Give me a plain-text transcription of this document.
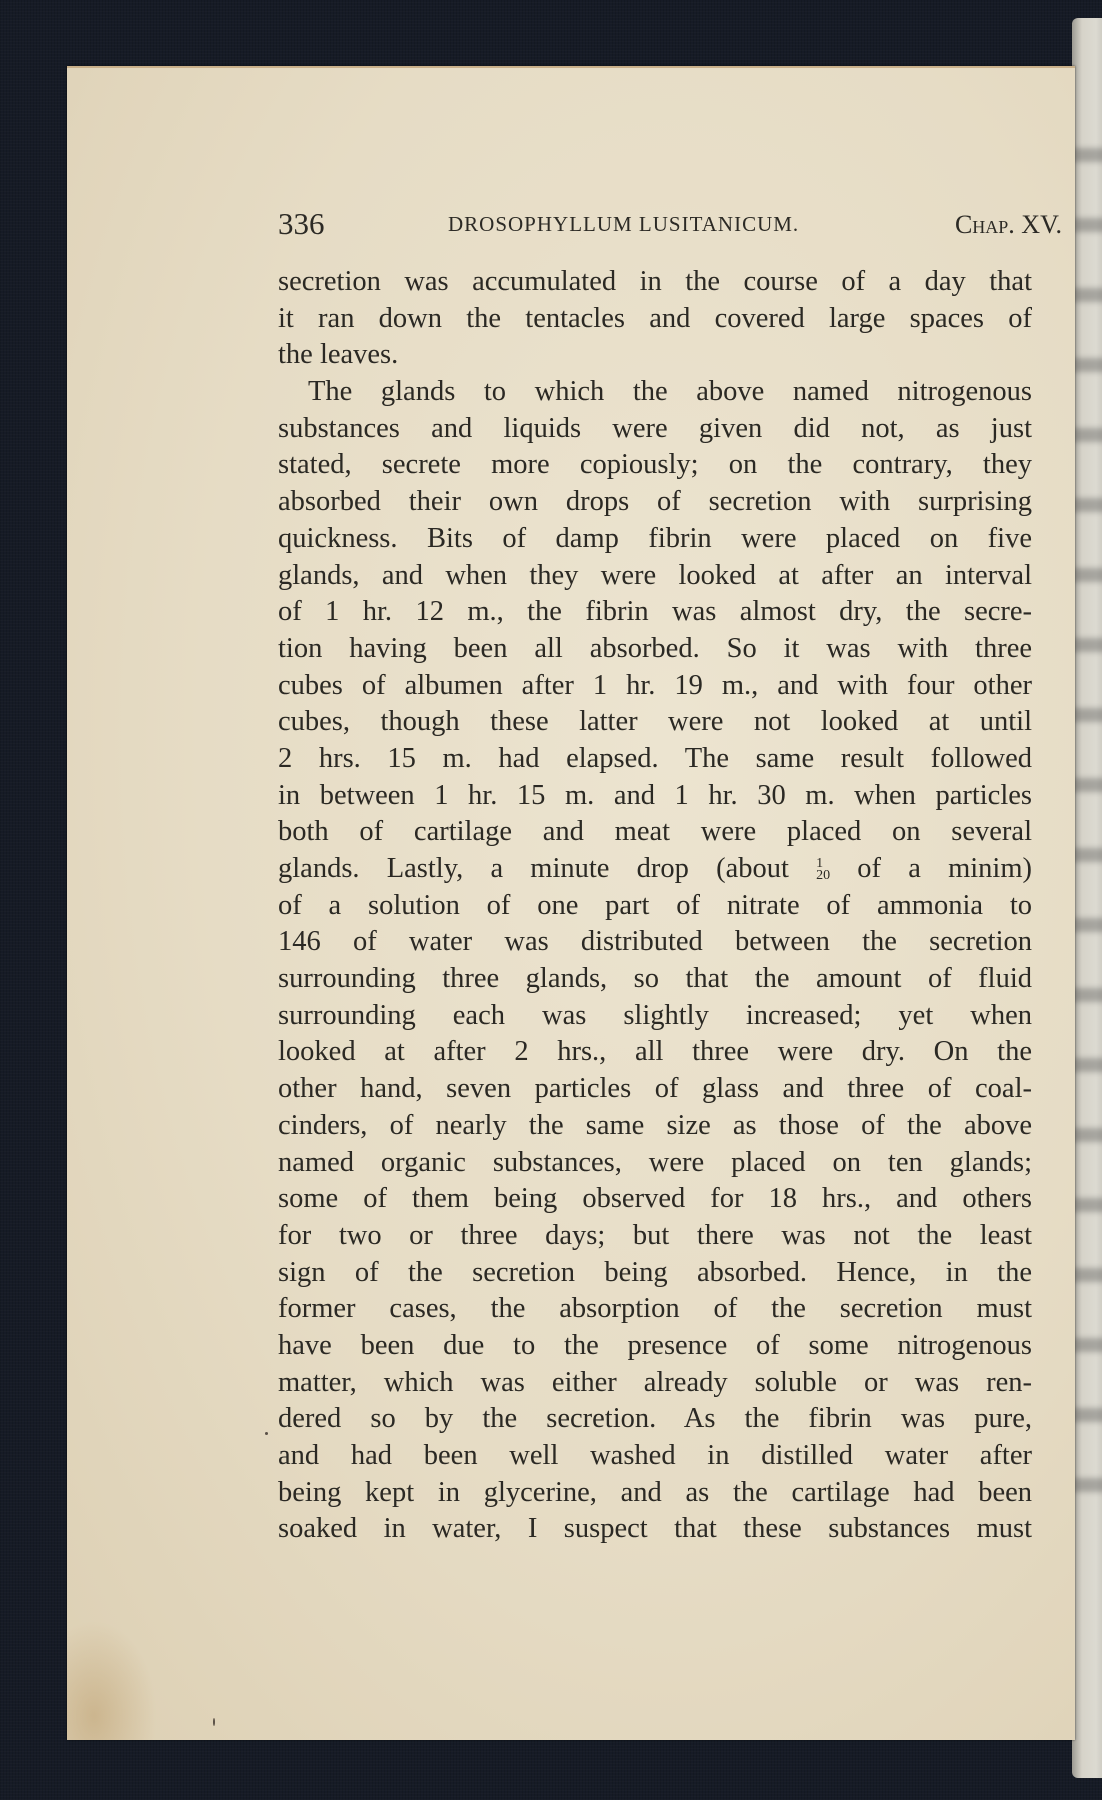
336	DROSOPHYLLUM LUSITANICUM.	Chap. XV.
secretion was accumulated in the course of a day that
it ran down the tentacles and covered large spaces of
the leaves.
The glands to which the above named nitrogenous
substances and liquids were given did not, as just
stated, secrete more copiously; on the contrary, they
absorbed their own drops of secretion with surprising
quickness. Bits of damp fibrin were placed on five
glands, and when they were looked at after an interval
of 1 hr. 12 m., the fibrin was almost dry, the secre-
tion having been all absorbed. So it was with three
cubes of albumen after 1 hr. 19 m., and with four other
cubes, though these latter were not looked at until
2 hrs. 15 m. had elapsed. The same result followed
in between 1 hr. 15 m. and 1 hr. 30 m. when particles
both of cartilage and meat were placed on several
glands. Lastly, a minute drop (about 1
20 of a minim)
of a solution of one part of nitrate of ammonia to
146 of water was distributed between the secretion
surrounding three glands, so that the amount of fluid
surrounding each was slightly increased; yet when
looked at after 2 hrs., all three were dry. On the
other hand, seven particles of glass and three of coal-
cinders, of nearly the same size as those of the above
named organic substances, were placed on ten glands;
some of them being observed for 18 hrs., and others
for two or three days; but there was not the least
sign of the secretion being absorbed. Hence, in the
former cases, the absorption of the secretion must
have been due to the presence of some nitrogenous
matter, which was either already soluble or was ren-
dered so by the secretion. As the fibrin was pure,
and had been well washed in distilled water after
being kept in glycerine, and as the cartilage had been
soaked in water, I suspect that these substances must
